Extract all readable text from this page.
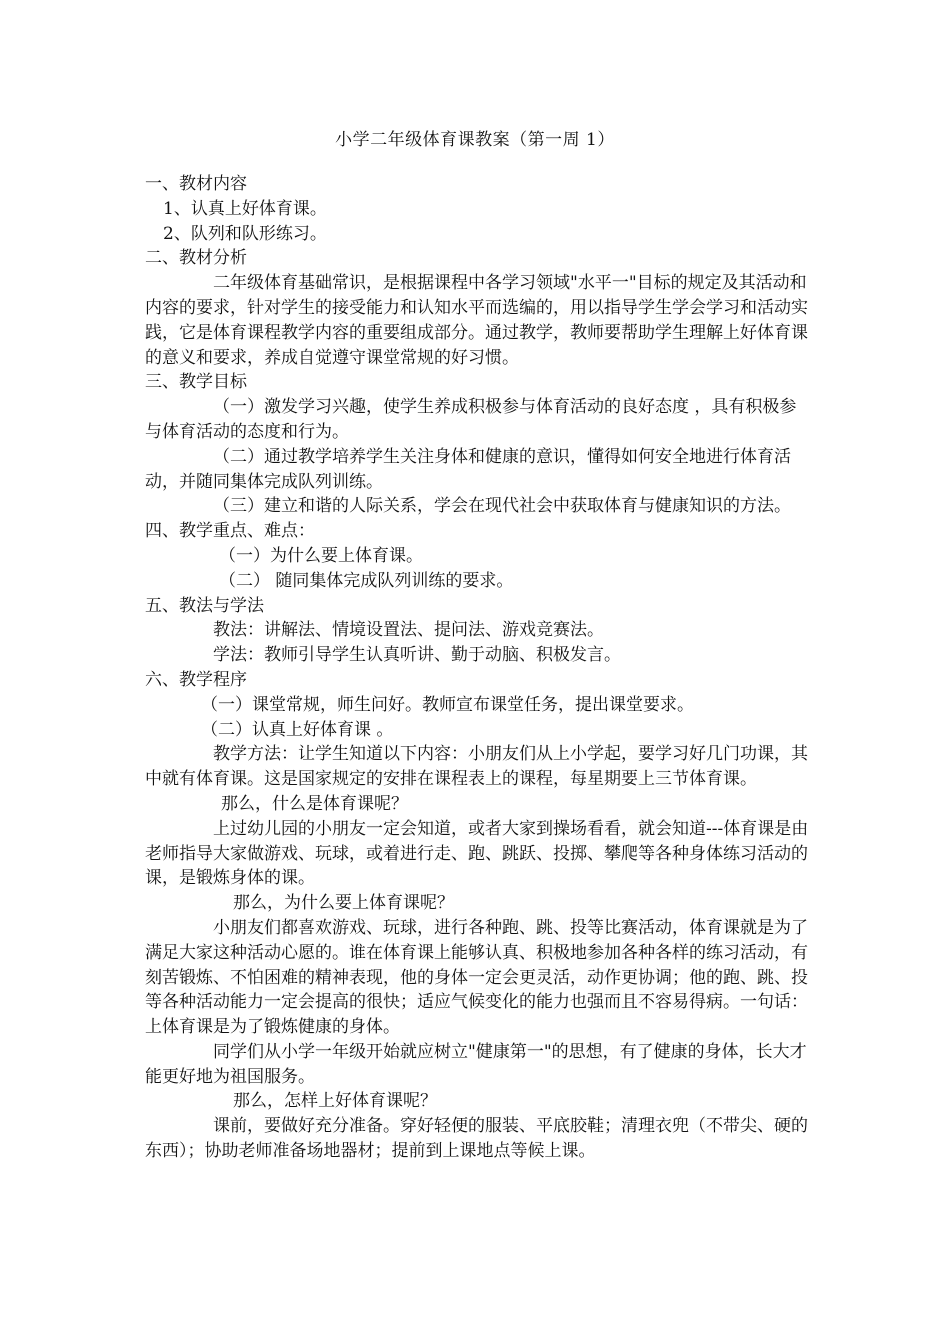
小学二年级体育课教案（第一周 1）

一、教材内容

1、认真上好体育课。

2、队列和队形练习。

二、教材分析

二年级体育基础常识，是根据课程中各学习领域"水平一"目标的规定及其活动和内容的要求，针对学生的接受能力和认知水平而选编的，用以指导学生学会学习和活动实践，它是体育课程教学内容的重要组成部分。通过教学，教师要帮助学生理解上好体育课的意义和要求，养成自觉遵守课堂常规的好习惯。

三、教学目标

（一）激发学习兴趣，使学生养成积极参与体育活动的良好态度 ，具有积极参与体育活动的态度和行为。

（二）通过教学培养学生关注身体和健康的意识，懂得如何安全地进行体育活动，并随同集体完成队列训练。

（三）建立和谐的人际关系，学会在现代社会中获取体育与健康知识的方法。

四、教学重点、难点：

（一）为什么要上体育课。

（二） 随同集体完成队列训练的要求。

五、教法与学法

教法：讲解法、情境设置法、提问法、游戏竞赛法。

学法：教师引导学生认真听讲、勤于动脑、积极发言。

六、教学程序

（一）课堂常规，师生问好。教师宣布课堂任务，提出课堂要求。

（二）认真上好体育课 。

教学方法：让学生知道以下内容：小朋友们从上小学起，要学习好几门功课，其中就有体育课。这是国家规定的安排在课程表上的课程，每星期要上三节体育课。

那么，什么是体育课呢？

上过幼儿园的小朋友一定会知道，或者大家到操场看看，就会知道---体育课是由老师指导大家做游戏、玩球，或着进行走、跑、跳跃、投掷、攀爬等各种身体练习活动的课，是锻炼身体的课。

那么，为什么要上体育课呢？

小朋友们都喜欢游戏、玩球，进行各种跑、跳、投等比赛活动，体育课就是为了满足大家这种活动心愿的。谁在体育课上能够认真、积极地参加各种各样的练习活动，有刻苦锻炼、不怕困难的精神表现，他的身体一定会更灵活，动作更协调；他的跑、跳、投等各种活动能力一定会提高的很快；适应气候变化的能力也强而且不容易得病。一句话：上体育课是为了锻炼健康的身体。

同学们从小学一年级开始就应树立"健康第一"的思想，有了健康的身体，长大才能更好地为祖国服务。

那么，怎样上好体育课呢？

课前，要做好充分准备。穿好轻便的服装、平底胶鞋；清理衣兜（不带尖、硬的东西）；协助老师准备场地器材；提前到上课地点等候上课。
